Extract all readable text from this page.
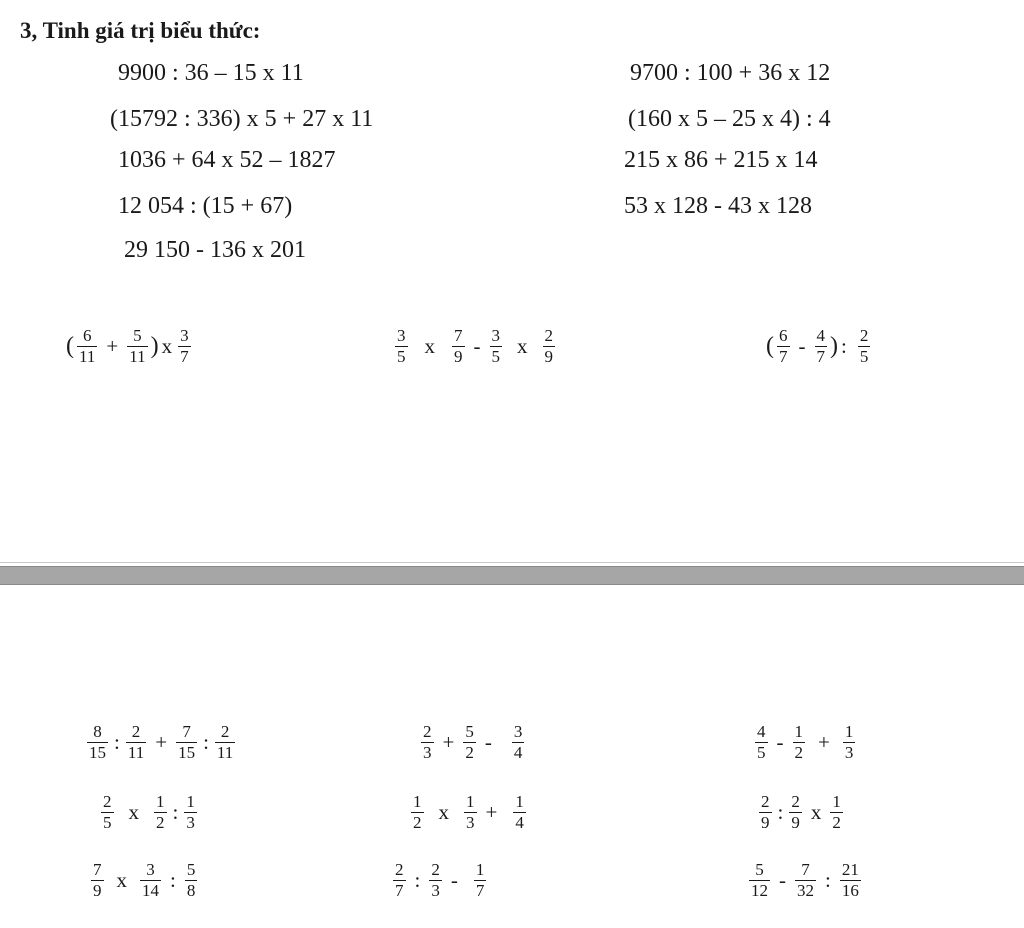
3, Tinh giá trị biểu thức:
9900 : 36 – 15 x 11
(15792 : 336) x 5 + 27 x 11
1036 + 64 x 52 – 1827
12 054 : (15 + 67)
29 150 - 136 x 201
9700 : 100 + 36 x 12
(160 x 5 – 25 x 4) : 4
215 x 86 + 215 x 14
53 x 128 - 43 x 128
( $\frac{6}{11} + \frac{5}{11}$ ) x $\frac{3}{7}$	$\frac{3}{5}$ x $\frac{7}{9} - \frac{3}{5}$ x $\frac{2}{9}$	( $\frac{6}{7} - \frac{4}{7}$ ) : $\frac{2}{5}$
$\frac{8}{15}$ : $\frac{2}{11} + \frac{7}{15}$ : $\frac{2}{11}$	$\frac{2}{3} + \frac{5}{2} - \frac{3}{4}$	$\frac{4}{5} - \frac{1}{2} + \frac{1}{3}$
$\frac{2}{5}$ x $\frac{1}{2}$ : $\frac{1}{3}$	$\frac{1}{2}$ x $\frac{1}{3} + \frac{1}{4}$	$\frac{2}{9}$ : $\frac{2}{9}$ x $\frac{1}{2}$
$\frac{7}{9}$ x $\frac{3}{14}$ : $\frac{5}{8}$	$\frac{2}{7}$ : $\frac{2}{3} - \frac{1}{7}$	$\frac{5}{12} - \frac{7}{32}$ : $\frac{21}{16}$
